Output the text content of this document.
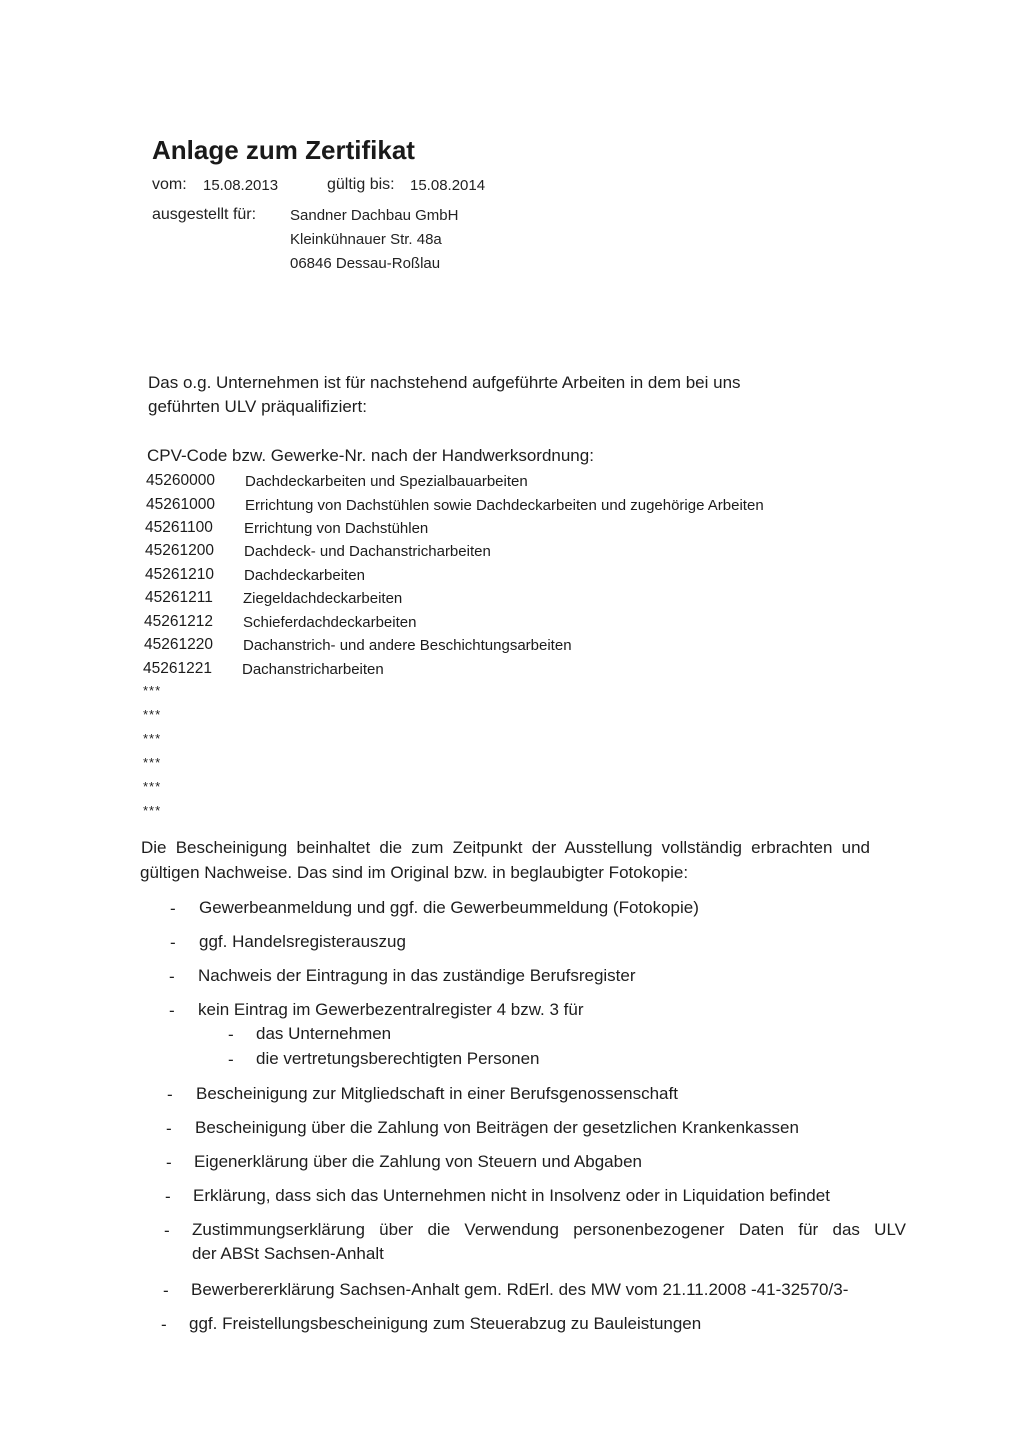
Anlage zum Zertifikat
vom: 15.08.2013	gültig bis: 15.08.2014
ausgestellt für: Sandner Dachbau GmbH
Kleinkühnauer Str. 48a
06846 Dessau-Roßlau
Das o.g. Unternehmen ist für nachstehend aufgeführte Arbeiten in dem bei uns
geführten ULV präqualifiziert:
CPV-Code bzw. Gewerke-Nr. nach der Handwerksordnung:
45260000 Dachdeckarbeiten und Spezialbauarbeiten
45261000 Errichtung von Dachstühlen sowie Dachdeckarbeiten und zugehörige Arbeiten
45261100 Errichtung von Dachstühlen
45261200 Dachdeck- und Dachanstricharbeiten
45261210 Dachdeckarbeiten
45261211 Ziegeldachdeckarbeiten
45261212 Schieferdachdeckarbeiten
45261220 Dachanstrich- und andere Beschichtungsarbeiten
45261221 Dachanstricharbeiten
***
***
***
***
***
***
Die Bescheinigung beinhaltet die zum Zeitpunkt der Ausstellung vollständig erbrachten und
gültigen Nachweise. Das sind im Original bzw. in beglaubigter Fotokopie:
- Gewerbeanmeldung und ggf. die Gewerbeummeldung (Fotokopie)
- ggf. Handelsregisterauszug
- Nachweis der Eintragung in das zuständige Berufsregister
- kein Eintrag im Gewerbezentralregister 4 bzw. 3 für
- das Unternehmen
- die vertretungsberechtigten Personen
- Bescheinigung zur Mitgliedschaft in einer Berufsgenossenschaft
- Bescheinigung über die Zahlung von Beiträgen der gesetzlichen Krankenkassen
- Eigenerklärung über die Zahlung von Steuern und Abgaben
- Erklärung, dass sich das Unternehmen nicht in Insolvenz oder in Liquidation befindet
- Zustimmungserklärung über die Verwendung personenbezogener Daten für das ULV
der ABSt Sachsen-Anhalt
- Bewerbererklärung Sachsen-Anhalt gem. RdErl. des MW vom 21.11.2008 -41-32570/3-
- ggf. Freistellungsbescheinigung zum Steuerabzug zu Bauleistungen
